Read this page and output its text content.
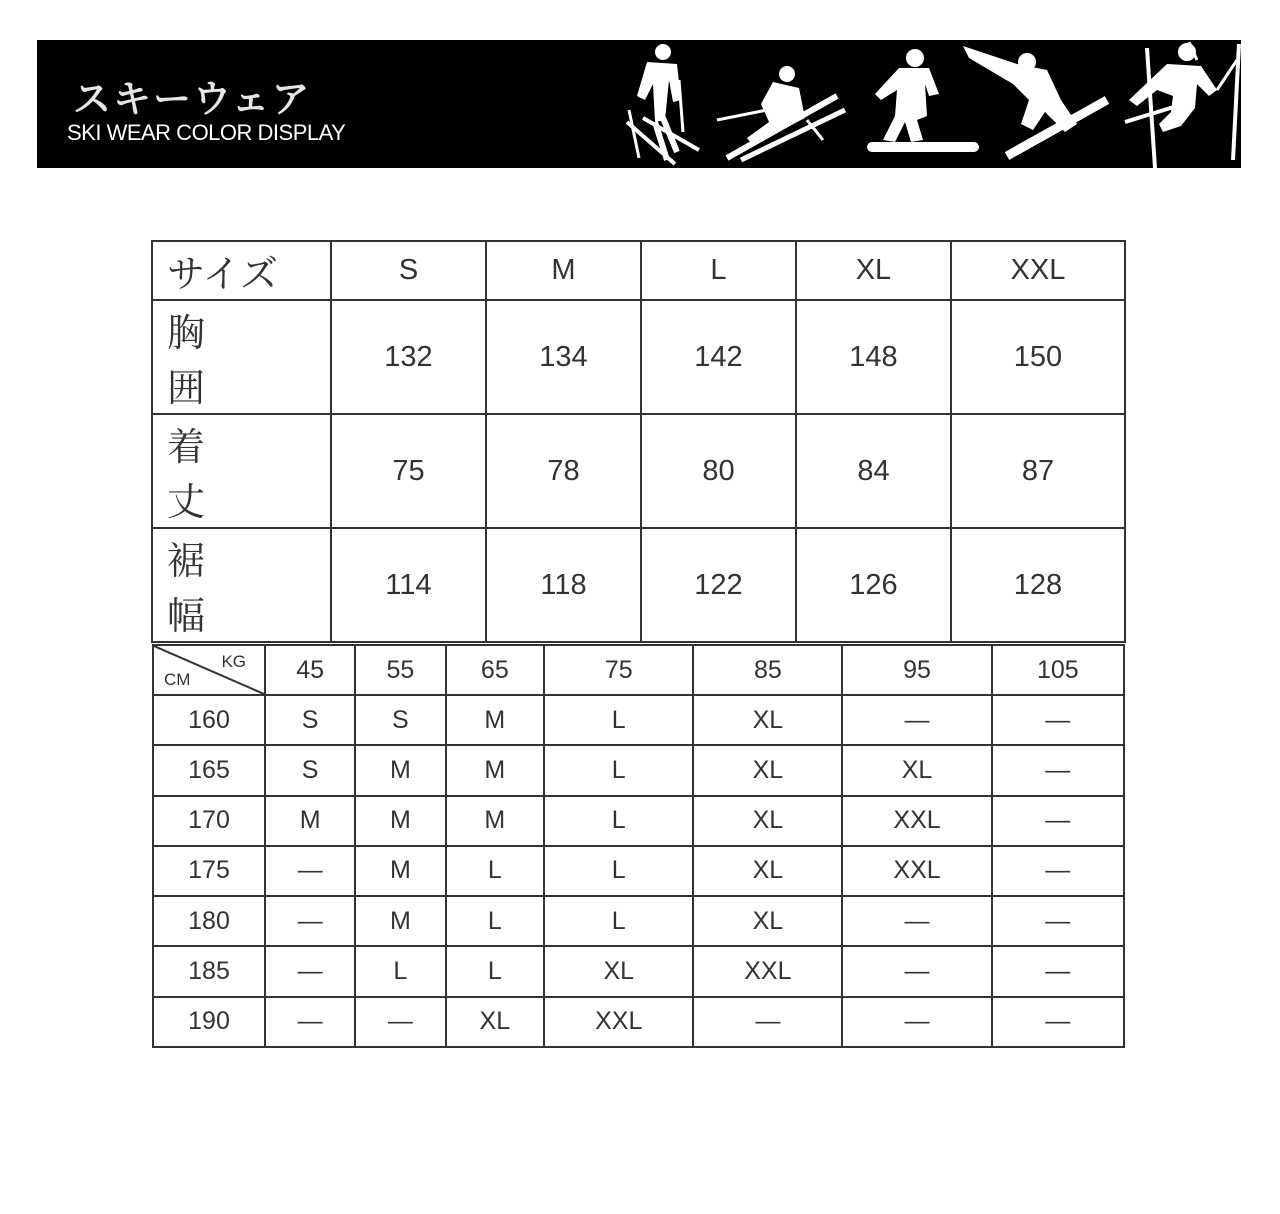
スキーウェア
SKI WEAR COLOR DISPLAY
サイズ	S	M	L	XL	XXL
胸囲	132	134	142	148	150
着丈	75	78	80	84	87
裾幅	114	118	122	126	128
KG
CM	45	55	65	75	85	95	105
160	S	S	M	L	XL	—	—
165	S	M	M	L	XL	XL	—
170	M	M	M	L	XL	XXL	—
175	—	M	L	L	XL	XXL	—
180	—	M	L	L	XL	—	—
185	—	L	L	XL	XXL	—	—
190	—	—	XL	XXL	—	—	—
